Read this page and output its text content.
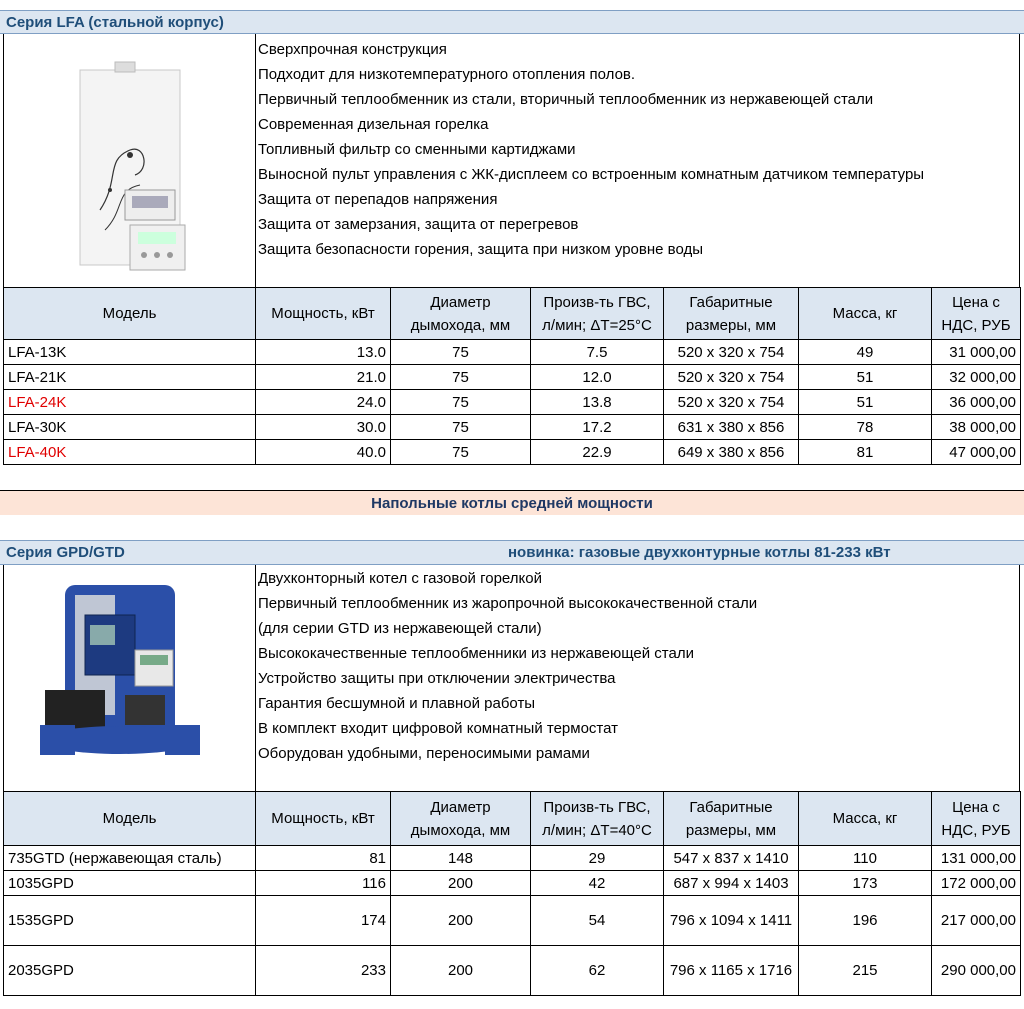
Серия LFA (стальной корпус)
Сверхпрочная конструкция
Подходит для низкотемпературного отопления полов.
Первичный теплообменник из стали, вторичный теплообменник из нержавеющей стали
Современная дизельная горелка
Топливный фильтр со сменными картиджами
Выносной пульт управления с ЖК-дисплеем со встроенным комнатным датчиком температуры
Защита от перепадов напряжения
Защита от замерзания, защита от перегревов
Защита безопасности горения, защита при низком уровне воды
Модель	Мощность, кВт	Диаметр дымохода, мм	Произв-ть ГВС, л/мин; ΔТ=25°C	Габаритные размеры, мм	Масса, кг	Цена с НДС, РУБ
LFA-13K	13.0	75	7.5	520 x 320 x 754	49	31 000,00
LFA-21K	21.0	75	12.0	520 x 320 x 754	51	32 000,00
LFA-24K	24.0	75	13.8	520 x 320 x 754	51	36 000,00
LFA-30K	30.0	75	17.2	631 x 380 x 856	78	38 000,00
LFA-40K	40.0	75	22.9	649 x 380 x 856	81	47 000,00
Напольные котлы средней мощности
Серия GPD/GTD	новинка: газовые двухконтурные котлы 81-233 кВт
Двухконторный котел с газовой горелкой
Первичный теплообменник из жаропрочной высококачественной стали
(для серии GTD из нержавеющей стали)
Высококачественные теплообменники из нержавеющей стали
Устройство защиты при отключении электричества
Гарантия бесшумной и плавной работы
В комплект входит цифровой комнатный термостат
Оборудован удобными, переносимыми рамами
Модель	Мощность, кВт	Диаметр дымохода, мм	Произв-ть ГВС, л/мин; ΔТ=40°C	Габаритные размеры, мм	Масса, кг	Цена с НДС, РУБ
735GTD (нержавеющая сталь)	81	148	29	547 x 837 x 1410	110	131 000,00
1035GPD	116	200	42	687 x 994 x 1403	173	172 000,00
1535GPD	174	200	54	796 x 1094 x 1411	196	217 000,00
2035GPD	233	200	62	796 x 1165 x 1716	215	290 000,00
